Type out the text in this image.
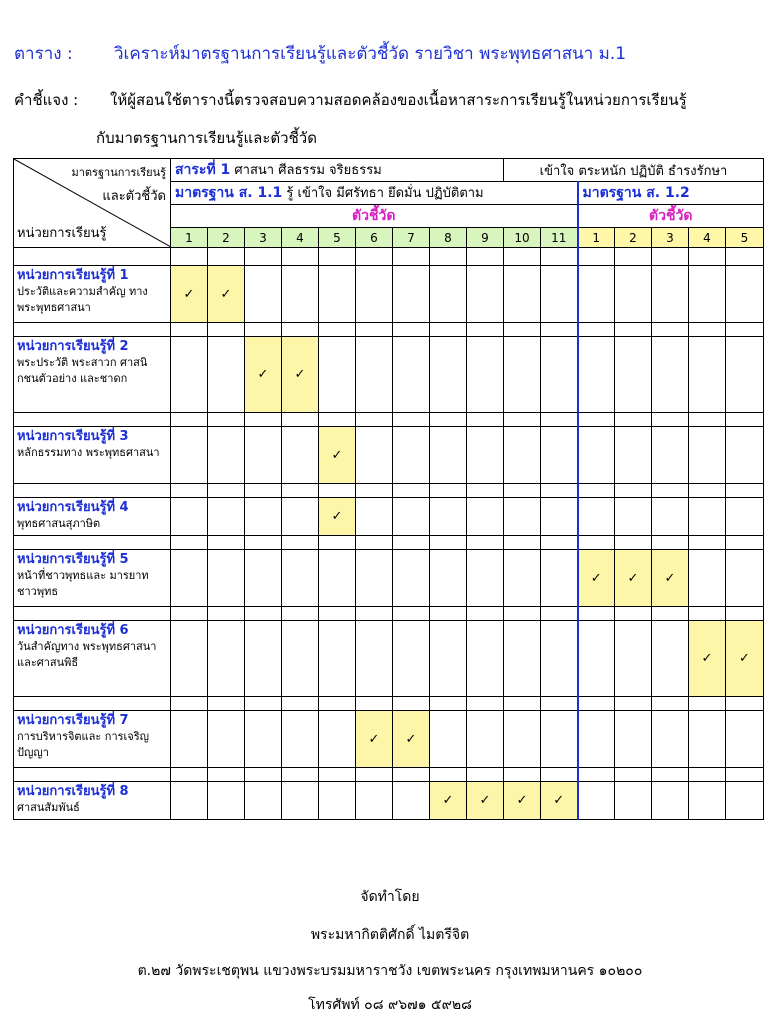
ตาราง : วิเคราะห์มาตรฐานการเรียนรู้และตัวชี้วัด รายวิชา พระพุทธศาสนา ม.1
คำชี้แจง : ให้ผู้สอนใช้ตารางนี้ตรวจสอบความสอดคล้องของเนื้อหาสาระการเรียนรู้ในหน่วยการเรียนรู้
กับมาตรฐานการเรียนรู้และตัวชี้วัด
มาตรฐานการเรียนรู้
และตัวชี้วัด
หน่วยการเรียนรู้	สาระที่ 1 ศาสนา ศีลธรรม จริยธรรม									เข้าใจ ตระหนัก ปฏิบัติ ธำรงรักษา						
	มาตรฐาน ส. 1.1 รู้ เข้าใจ มีศรัทธา ยึดมั่น ปฏิบัติตาม											มาตรฐาน ส. 1.2				
	ตัวชี้วัด											ตัวชี้วัด				
	1	2	3	4	5	6	7	8	9	10	11	1	2	3	4	5

หน่วยการเรียนรู้ที่ 1
ประวัติและความสำคัญ ทางพระพุทธศาสนา	✓	✓														

หน่วยการเรียนรู้ที่ 2
พระประวัติ พระสาวก ศาสนิกชนตัวอย่าง และชาดก			✓	✓												

หน่วยการเรียนรู้ที่ 3
หลักธรรมทาง พระพุทธศาสนา					✓											

หน่วยการเรียนรู้ที่ 4
พุทธศาสนสุภาษิต					✓											

หน่วยการเรียนรู้ที่ 5
หน้าที่ชาวพุทธและ มารยาทชาวพุทธ												✓	✓	✓		

หน่วยการเรียนรู้ที่ 6
วันสำคัญทาง พระพุทธศาสนา และศาสนพิธี															✓	✓

หน่วยการเรียนรู้ที่ 7
การบริหารจิตและ การเจริญปัญญา						✓	✓									

หน่วยการเรียนรู้ที่ 8
ศาสนสัมพันธ์								✓	✓	✓	✓					
จัดทำโดย
พระมหากิตติศักดิ์ ไมตรีจิต
ต.๒๗ วัดพระเชตุพน แขวงพระบรมมหาราชวัง เขตพระนคร กรุงเทพมหานคร ๑๐๒๐๐
โทรศัพท์ ๐๘ ๙๖๗๑ ๕๙๒๘
